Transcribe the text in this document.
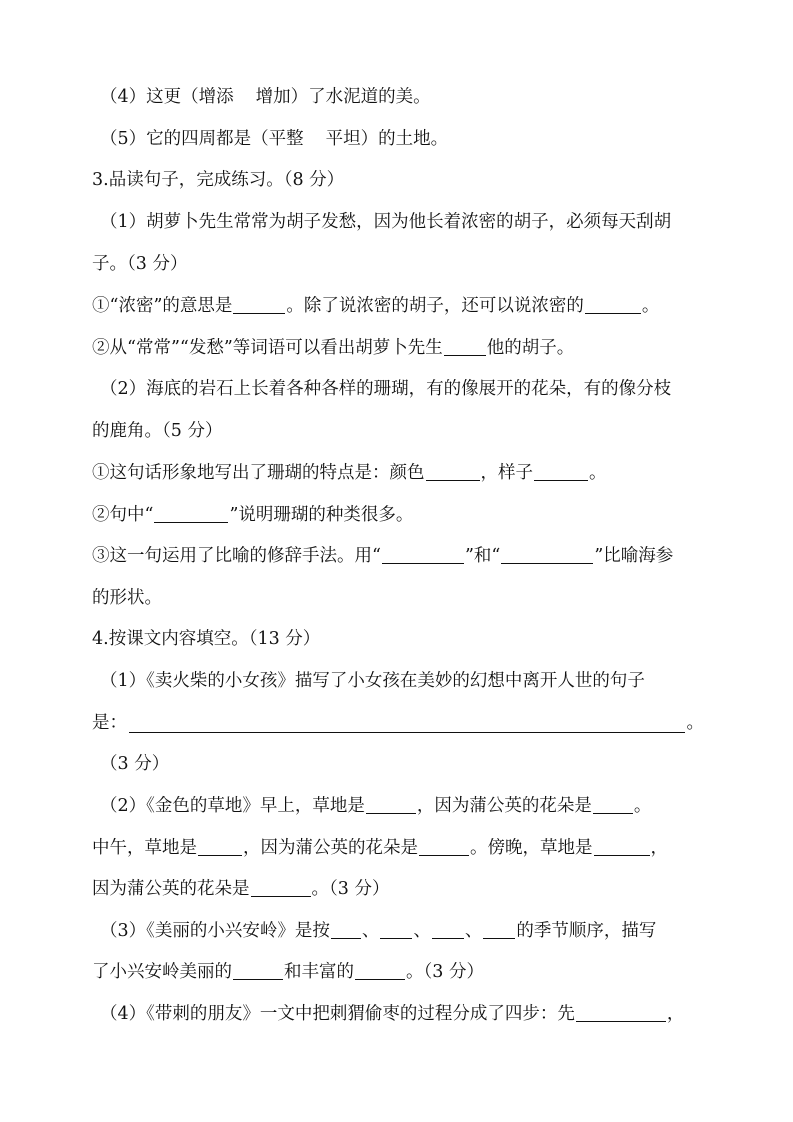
（4）这更（增添 增加）了水泥道的美。
（5）它的四周都是（平整 平坦）的土地。
3.品读句子，完成练习。（8 分）
（1）胡萝卜先生常常为胡子发愁，因为他长着浓密的胡子，必须每天刮胡
子。（3 分）
①“浓密”的意思是	。除了说浓密的胡子，还可以说浓密的	。
②从“常常”“发愁”等词语可以看出胡萝卜先生	他的胡子。
（2）海底的岩石上长着各种各样的珊瑚，有的像展开的花朵，有的像分枝
的鹿角。（5 分）
①这句话形象地写出了珊瑚的特点是：颜色	，样子	。
②句中“	”说明珊瑚的种类很多。
③这一句运用了比喻的修辞手法。用“	”和“	”比喻海参
的形状。
4.按课文内容填空。（13 分）
（1）《卖火柴的小女孩》描写了小女孩在美妙的幻想中离开人世的句子
是：	。
（3 分）
（2）《金色的草地》早上，草地是	，因为蒲公英的花朵是 。
中午，草地是	，因为蒲公英的花朵是	。傍晚，草地是	，
因为蒲公英的花朵是	。（3 分）
（3）《美丽的小兴安岭》是按 、 、 、 的季节顺序，描写
了小兴安岭美丽的	和丰富的	。（3 分）
（4）《带刺的朋友》一文中把刺猬偷枣的过程分成了四步：先	，
